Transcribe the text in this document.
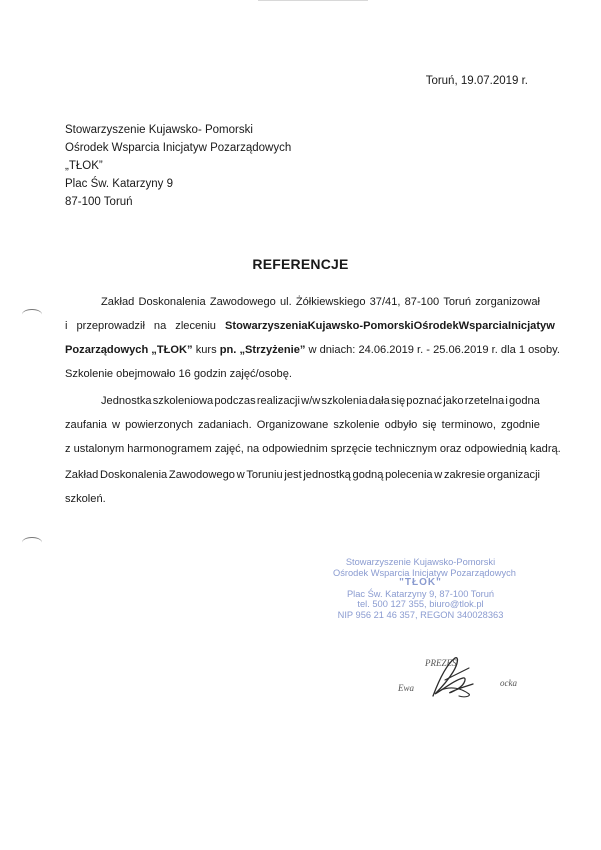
Toruń, 19.07.2019 r.
Stowarzyszenie Kujawsko- Pomorski
Ośrodek Wsparcia Inicjatyw Pozarządowych
„TŁOK”
Plac Św. Katarzyny 9
87-100 Toruń
REFERENCJE
Zakład Doskonalenia Zawodowego ul. Żółkiewskiego 37/41, 87-100 Toruń zorganizował
i przeprowadził na zleceniu Stowarzyszenia Kujawsko-Pomorski Ośrodek Wsparcia Inicjatyw
Pozarządowych „TŁOK” kurs pn. „Strzyżenie” w dniach: 24.06.2019 r. - 25.06.2019 r. dla 1 osoby.
Szkolenie obejmowało 16 godzin zajęć/osobę.
Jednostka szkoleniowa podczas realizacji w/w szkolenia dała się poznać jako rzetelna i godna
zaufania w powierzonych zadaniach. Organizowane szkolenie odbyło się terminowo, zgodnie
z ustalonym harmonogramem zajęć, na odpowiednim sprzęcie technicznym oraz odpowiednią kadrą.
Zakład Doskonalenia Zawodowego w Toruniu jest jednostką godną polecenia w zakresie organizacji
szkoleń.
Stowarzyszenie Kujawsko-Pomorski
Ośrodek Wsparcia Inicjatyw Pozarządowych
"TŁOK"
Plac Św. Katarzyny 9, 87-100 Toruń
tel. 500 127 355, biuro@tlok.pl
NIP 956 21 46 357, REGON 340028363
PREZES
Ewa	ocka
